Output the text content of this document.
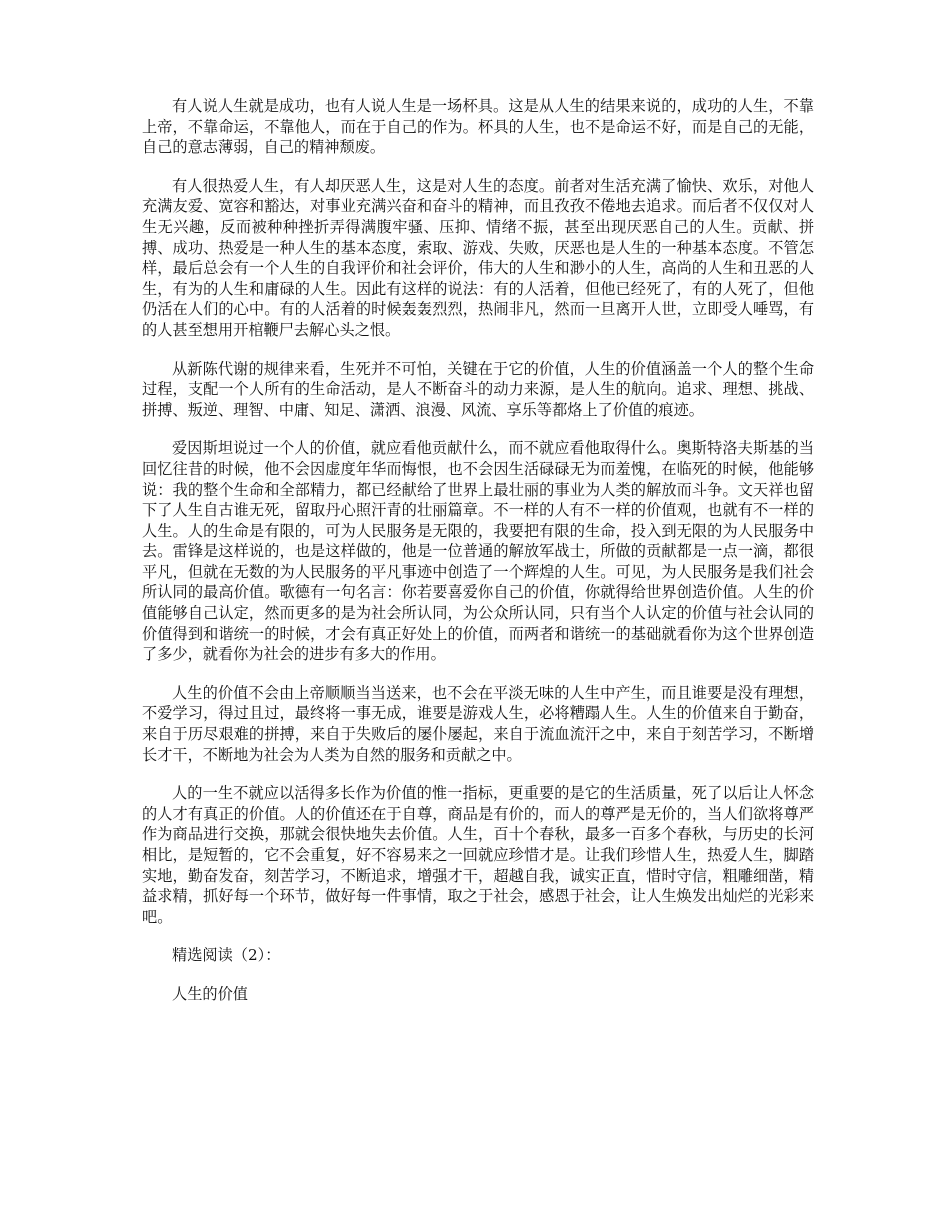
有人说人生就是成功，也有人说人生是一场杯具。这是从人生的结果来说的，成功的人生，不靠上帝，不靠命运，不靠他人，而在于自己的作为。杯具的人生，也不是命运不好，而是自己的无能，自己的意志薄弱，自己的精神颓废。

有人很热爱人生，有人却厌恶人生，这是对人生的态度。前者对生活充满了愉快、欢乐，对他人充满友爱、宽容和豁达，对事业充满兴奋和奋斗的精神，而且孜孜不倦地去追求。而后者不仅仅对人生无兴趣，反而被种种挫折弄得满腹牢骚、压抑、情绪不振，甚至出现厌恶自己的人生。贡献、拼搏、成功、热爱是一种人生的基本态度，索取、游戏、失败，厌恶也是人生的一种基本态度。不管怎样，最后总会有一个人生的自我评价和社会评价，伟大的人生和渺小的人生，高尚的人生和丑恶的人生，有为的人生和庸碌的人生。因此有这样的说法：有的人活着，但他已经死了，有的人死了，但他仍活在人们的心中。有的人活着的时候轰轰烈烈，热闹非凡，然而一旦离开人世，立即受人唾骂，有的人甚至想用开棺鞭尸去解心头之恨。

从新陈代谢的规律来看，生死并不可怕，关键在于它的价值，人生的价值涵盖一个人的整个生命过程，支配一个人所有的生命活动，是人不断奋斗的动力来源，是人生的航向。追求、理想、挑战、拼搏、叛逆、理智、中庸、知足、潇洒、浪漫、风流、享乐等都烙上了价值的痕迹。

爱因斯坦说过一个人的价值，就应看他贡献什么，而不就应看他取得什么。奥斯特洛夫斯基的当回忆往昔的时候，他不会因虚度年华而悔恨，也不会因生活碌碌无为而羞愧，在临死的时候，他能够说：我的整个生命和全部精力，都已经献给了世界上最壮丽的事业为人类的解放而斗争。文天祥也留下了人生自古谁无死，留取丹心照汗青的壮丽篇章。不一样的人有不一样的价值观，也就有不一样的人生。人的生命是有限的，可为人民服务是无限的，我要把有限的生命，投入到无限的为人民服务中去。雷锋是这样说的，也是这样做的，他是一位普通的解放军战士，所做的贡献都是一点一滴，都很平凡，但就在无数的为人民服务的平凡事迹中创造了一个辉煌的人生。可见，为人民服务是我们社会所认同的最高价值。歌德有一句名言：你若要喜爱你自己的价值，你就得给世界创造价值。人生的价值能够自己认定，然而更多的是为社会所认同，为公众所认同，只有当个人认定的价值与社会认同的价值得到和谐统一的时候，才会有真正好处上的价值，而两者和谐统一的基础就看你为这个世界创造了多少，就看你为社会的进步有多大的作用。

人生的价值不会由上帝顺顺当当送来，也不会在平淡无味的人生中产生，而且谁要是没有理想，不爱学习，得过且过，最终将一事无成，谁要是游戏人生，必将糟蹋人生。人生的价值来自于勤奋，来自于历尽艰难的拼搏，来自于失败后的屡仆屡起，来自于流血流汗之中，来自于刻苦学习，不断增长才干，不断地为社会为人类为自然的服务和贡献之中。

人的一生不就应以活得多长作为价值的惟一指标，更重要的是它的生活质量，死了以后让人怀念的人才有真正的价值。人的价值还在于自尊，商品是有价的，而人的尊严是无价的，当人们欲将尊严作为商品进行交换，那就会很快地失去价值。人生，百十个春秋，最多一百多个春秋，与历史的长河相比，是短暂的，它不会重复，好不容易来之一回就应珍惜才是。让我们珍惜人生，热爱人生，脚踏实地，勤奋发奋，刻苦学习，不断追求，增强才干，超越自我，诚实正直，惜时守信，粗雕细凿，精益求精，抓好每一个环节，做好每一件事情，取之于社会，感恩于社会，让人生焕发出灿烂的光彩来吧。

精选阅读（2）：

人生的价值
